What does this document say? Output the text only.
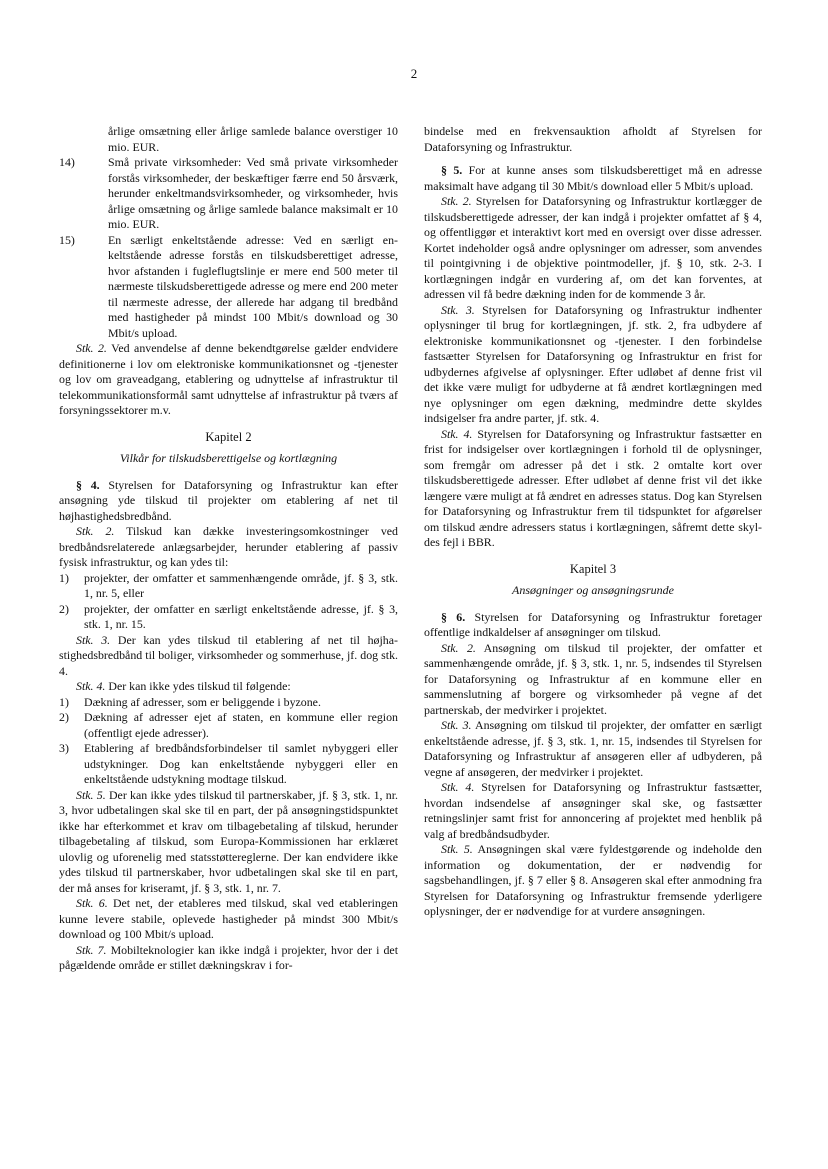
2

årlige omsætning eller årlige samlede balance overstiger 10 mio. EUR.

14)	Små private virksomheder: Ved små private virksomheder forstås virksomheder, der beskæftiger færre end 50 årsværk, herunder enkeltmandsvirksomheder, og virksomheder, hvis årlige omsætning og årlige samlede balance maksimalt er 10 mio. EUR.
15)	En særligt enkeltstående adresse: Ved en særligt enkeltstående adresse forstås en tilskudsberettiget adresse, hvor afstanden i fugleflugtslinje er mere end 500 meter til nærmeste tilskudsberettigede adresse og mere end 200 meter til nærmeste adresse, der allerede har adgang til bredbånd med hastigheder på mindst 100 Mbit/s download og 30 Mbit/s upload.

Stk. 2. Ved anvendelse af denne bekendtgørelse gælder endvidere definitionerne i lov om elektroniske kommunikationsnet og -tjenester og lov om graveadgang, etablering og udnyttelse af infrastruktur til telekommunikationsformål samt udnyttelse af infrastruktur på tværs af forsyningssektorer m.v.

Kapitel 2
Vilkår for tilskudsberettigelse og kortlægning

§ 4. Styrelsen for Dataforsyning og Infrastruktur kan efter ansøgning yde tilskud til projekter om etablering af net til højhastighedsbredbånd.

Stk. 2. Tilskud kan dække investeringsomkostninger ved bredbåndsrelaterede anlægsarbejder, herunder etablering af passiv fysisk infrastruktur, og kan ydes til:

1)	projekter, der omfatter et sammenhængende område, jf. § 3, stk. 1, nr. 5, eller
2)	projekter, der omfatter en særligt enkeltstående adresse, jf. § 3, stk. 1, nr. 15.

Stk. 3. Der kan ydes tilskud til etablering af net til højhastighedsbredbånd til boliger, virksomheder og sommerhuse, jf. dog stk. 4.

Stk. 4. Der kan ikke ydes tilskud til følgende:

1)	Dækning af adresser, som er beliggende i byzone.
2)	Dækning af adresser ejet af staten, en kommune eller region (offentligt ejede adresser).
3)	Etablering af bredbåndsforbindelser til samlet nybyggeri eller udstykninger. Dog kan enkeltstående nybyggeri eller en enkeltstående udstykning modtage tilskud.

Stk. 5. Der kan ikke ydes tilskud til partnerskaber, jf. § 3, stk. 1, nr. 3, hvor udbetalingen skal ske til en part, der på ansøgningstidspunktet ikke har efterkommet et krav om tilbagebetaling af tilskud, herunder tilbagebetaling af tilskud, som Europa-Kommissionen har erklæret ulovlig og uforenelig med statsstøttereglerne. Der kan endvidere ikke ydes tilskud til partnerskaber, hvor udbetalingen skal ske til en part, der må anses for kriseramt, jf. § 3, stk. 1, nr. 7.

Stk. 6. Det net, der etableres med tilskud, skal ved etableringen kunne levere stabile, oplevede hastigheder på mindst 300 Mbit/s download og 100 Mbit/s upload.

Stk. 7. Mobilteknologier kan ikke indgå i projekter, hvor der i det pågældende område er stillet dækningskrav i for-

bindelse med en frekvensauktion afholdt af Styrelsen for Dataforsyning og Infrastruktur.

§ 5. For at kunne anses som tilskudsberettiget må en adresse maksimalt have adgang til 30 Mbit/s download eller 5 Mbit/s upload.

Stk. 2. Styrelsen for Dataforsyning og Infrastruktur kortlægger de tilskudsberettigede adresser, der kan indgå i projekter omfattet af § 4, og offentliggør et interaktivt kort med en oversigt over disse adresser. Kortet indeholder også andre oplysninger om adresser, som anvendes til pointgivning i de objektive pointmodeller, jf. § 10, stk. 2-3. I kortlægningen indgår en vurdering af, om det kan forventes, at adressen vil få bedre dækning inden for de kommende 3 år.

Stk. 3. Styrelsen for Dataforsyning og Infrastruktur indhenter oplysninger til brug for kortlægningen, jf. stk. 2, fra udbydere af elektroniske kommunikationsnet og -tjenester. I den forbindelse fastsætter Styrelsen for Dataforsyning og Infrastruktur en frist for udbydernes afgivelse af oplysninger. Efter udløbet af denne frist vil det ikke være muligt for udbyderne at få ændret kortlægningen med nye oplysninger om egen dækning, medmindre dette skyldes indsigelser fra andre parter, jf. stk. 4.

Stk. 4. Styrelsen for Dataforsyning og Infrastruktur fastsætter en frist for indsigelser over kortlægningen i forhold til de oplysninger, som fremgår om adresser på det i stk. 2 omtalte kort over tilskudsberettigede adresser. Efter udløbet af denne frist vil det ikke længere være muligt at få ændret en adresses status. Dog kan Styrelsen for Dataforsyning og Infrastruktur frem til tidspunktet for afgørelser om tilskud ændre adressers status i kortlægningen, såfremt dette skyldes fejl i BBR.

Kapitel 3
Ansøgninger og ansøgningsrunde

§ 6. Styrelsen for Dataforsyning og Infrastruktur foretager offentlige indkaldelser af ansøgninger om tilskud.

Stk. 2. Ansøgning om tilskud til projekter, der omfatter et sammenhængende område, jf. § 3, stk. 1, nr. 5, indsendes til Styrelsen for Dataforsyning og Infrastruktur af en kommune eller en sammenslutning af borgere og virksomheder på vegne af det partnerskab, der medvirker i projektet.

Stk. 3. Ansøgning om tilskud til projekter, der omfatter en særligt enkeltstående adresse, jf. § 3, stk. 1, nr. 15, indsendes til Styrelsen for Dataforsyning og Infrastruktur af ansøgeren eller af udbyderen, på vegne af ansøgeren, der medvirker i projektet.

Stk. 4. Styrelsen for Dataforsyning og Infrastruktur fastsætter, hvordan indsendelse af ansøgninger skal ske, og fastsætter retningslinjer samt frist for annoncering af projektet med henblik på valg af bredbåndsudbyder.

Stk. 5. Ansøgningen skal være fyldestgørende og indeholde den information og dokumentation, der er nødvendig for sagsbehandlingen, jf. § 7 eller § 8. Ansøgeren skal efter anmodning fra Styrelsen for Dataforsyning og Infrastruktur fremsende yderligere oplysninger, der er nødvendige for at vurdere ansøgningen.
